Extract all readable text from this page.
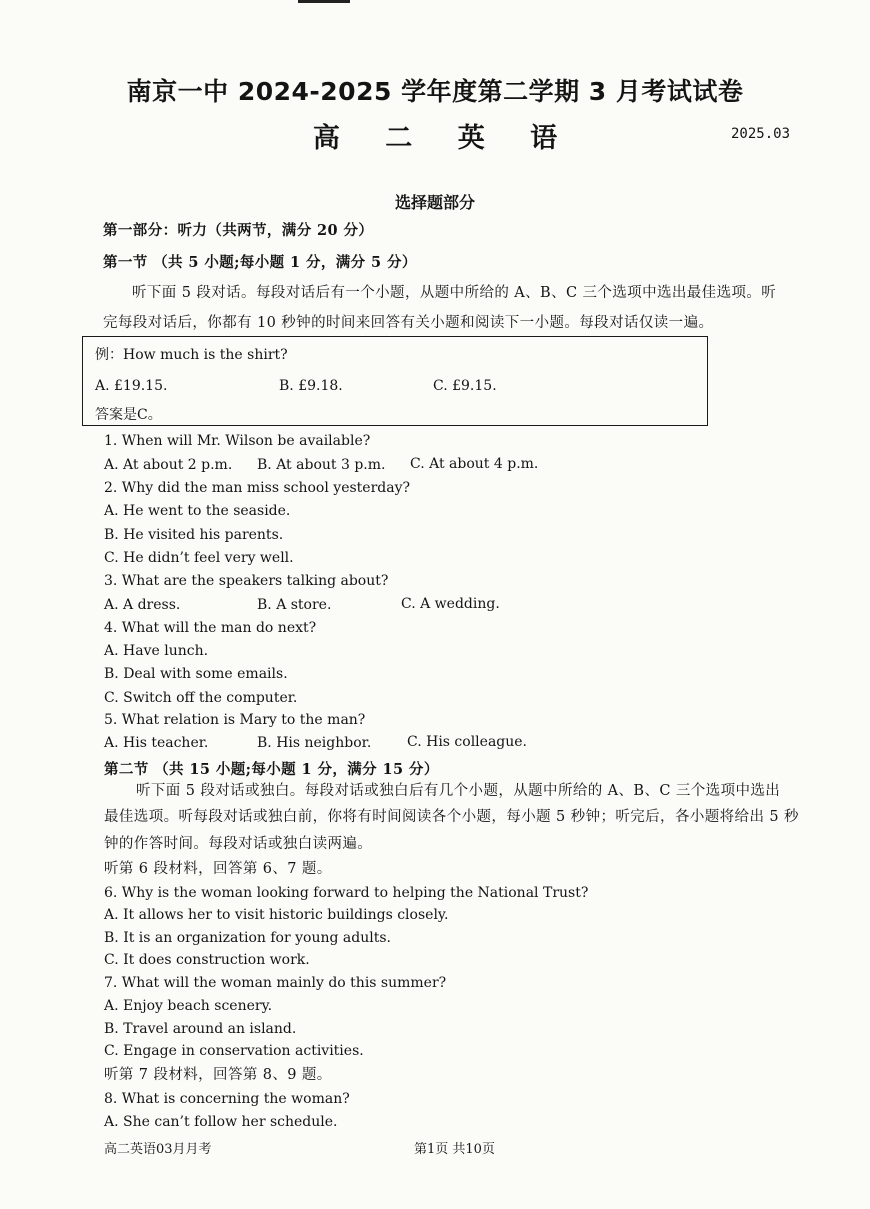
南京一中 2024-2025 学年度第二学期 3 月考试试卷
高 二 英 语	2025.03
选择题部分
第一部分：听力（共两节，满分 20 分）
第一节 （共 5 小题;每小题 1 分，满分 5 分）
听下面 5 段对话。每段对话后有一个小题，从题中所给的 A、B、C 三个选项中选出最佳选项。听
完每段对话后，你都有 10 秒钟的时间来回答有关小题和阅读下一小题。每段对话仅读一遍。
例：How much is the shirt?
A. £19.15.	B. £9.18.	C. £9.15.
答案是C。
1. When will Mr. Wilson be available?
A. At about 2 p.m. B. At about 3 p.m. C. At about 4 p.m.
2. Why did the man miss school yesterday?
A. He went to the seaside.
B. He visited his parents.
C. He didn’t feel very well.
3. What are the speakers talking about?
A. A dress.	B. A store.	C. A wedding.
4. What will the man do next?
A. Have lunch.
B. Deal with some emails.
C. Switch off the computer.
5. What relation is Mary to the man?
A. His teacher.	B. His neighbor.	C. His colleague.
第二节 （共 15 小题;每小题 1 分，满分 15 分）
听下面 5 段对话或独白。每段对话或独白后有几个小题，从题中所给的 A、B、C 三个选项中选出
最佳选项。听每段对话或独白前，你将有时间阅读各个小题，每小题 5 秒钟；听完后，各小题将给出 5 秒
钟的作答时间。每段对话或独白读两遍。
听第 6 段材料，回答第 6、7 题。
6. Why is the woman looking forward to helping the National Trust?
A. It allows her to visit historic buildings closely.
B. It is an organization for young adults.
C. It does construction work.
7. What will the woman mainly do this summer?
A. Enjoy beach scenery.
B. Travel around an island.
C. Engage in conservation activities.
听第 7 段材料，回答第 8、9 题。
8. What is concerning the woman?
A. She can’t follow her schedule.
高二英语03月月考	第1页 共10页
